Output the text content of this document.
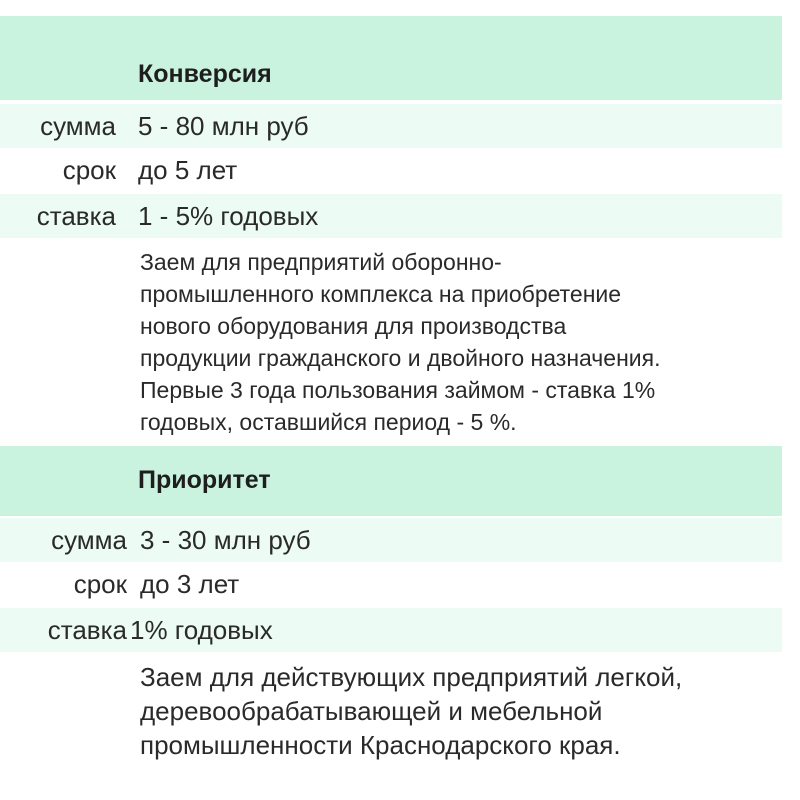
Конверсия
сумма 5 - 80 млн руб
срок до 5 лет
ставка 1 - 5% годовых
Заем для предприятий оборонно-
промышленного комплекса на приобретение
нового оборудования для производства
продукции гражданского и двойного назначения.
Первые 3 года пользования займом - ставка 1%
годовых, оставшийся период - 5 %.
Приоритет
сумма 3 - 30 млн руб
срок до 3 лет
ставка 1% годовых
Заем для действующих предприятий легкой,
деревообрабатывающей и мебельной
промышленности Краснодарского края.
